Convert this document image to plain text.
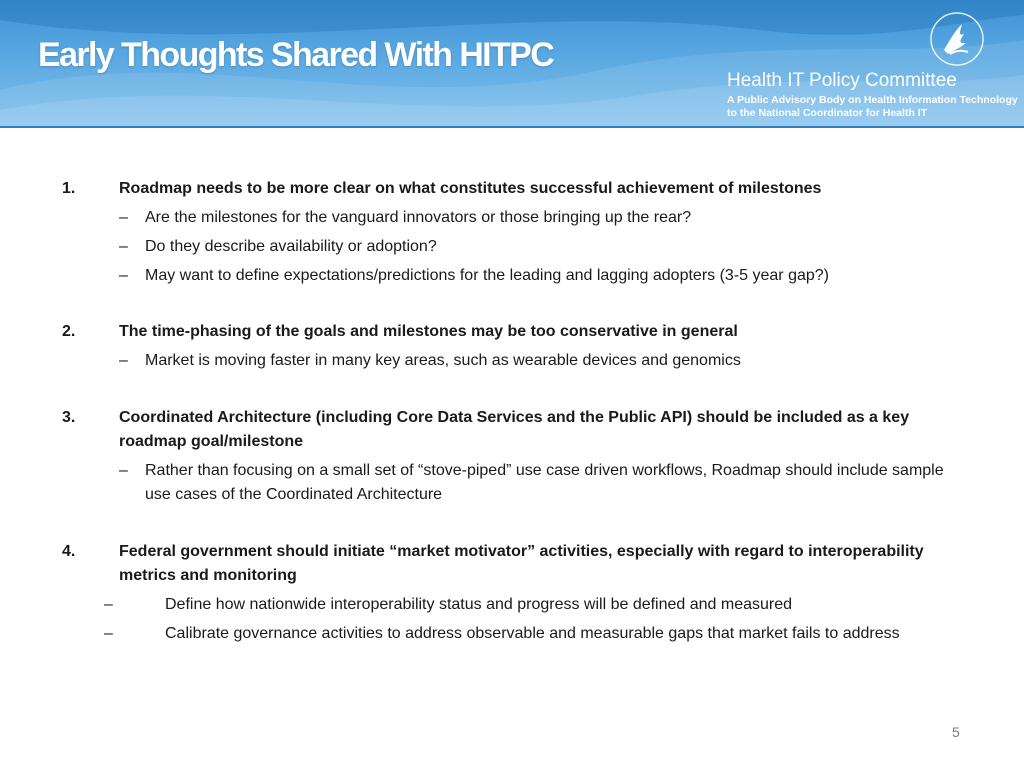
Early Thoughts Shared With HITPC
Health IT Policy Committee
A Public Advisory Body on Health Information Technology
to the National Coordinator for Health IT
1.	Roadmap needs to be more clear on what constitutes successful achievement of milestones
– Are the milestones for the vanguard innovators or those bringing up the rear?
– Do they describe availability or adoption?
– May want to define expectations/predictions for the leading and lagging adopters (3-5 year gap?)
2.	The time-phasing of the goals and milestones may be too conservative in general
– Market is moving faster in many key areas, such as wearable devices and genomics
3.	Coordinated Architecture (including Core Data Services and the Public API) should be included as a key roadmap goal/milestone
– Rather than focusing on a small set of “stove-piped” use case driven workflows, Roadmap should include sample use cases of the Coordinated Architecture
4.	Federal government should initiate “market motivator” activities, especially with regard to interoperability metrics and monitoring
–	Define how nationwide interoperability status and progress will be defined and measured
–	Calibrate governance activities to address observable and measurable gaps that market fails to address
5
